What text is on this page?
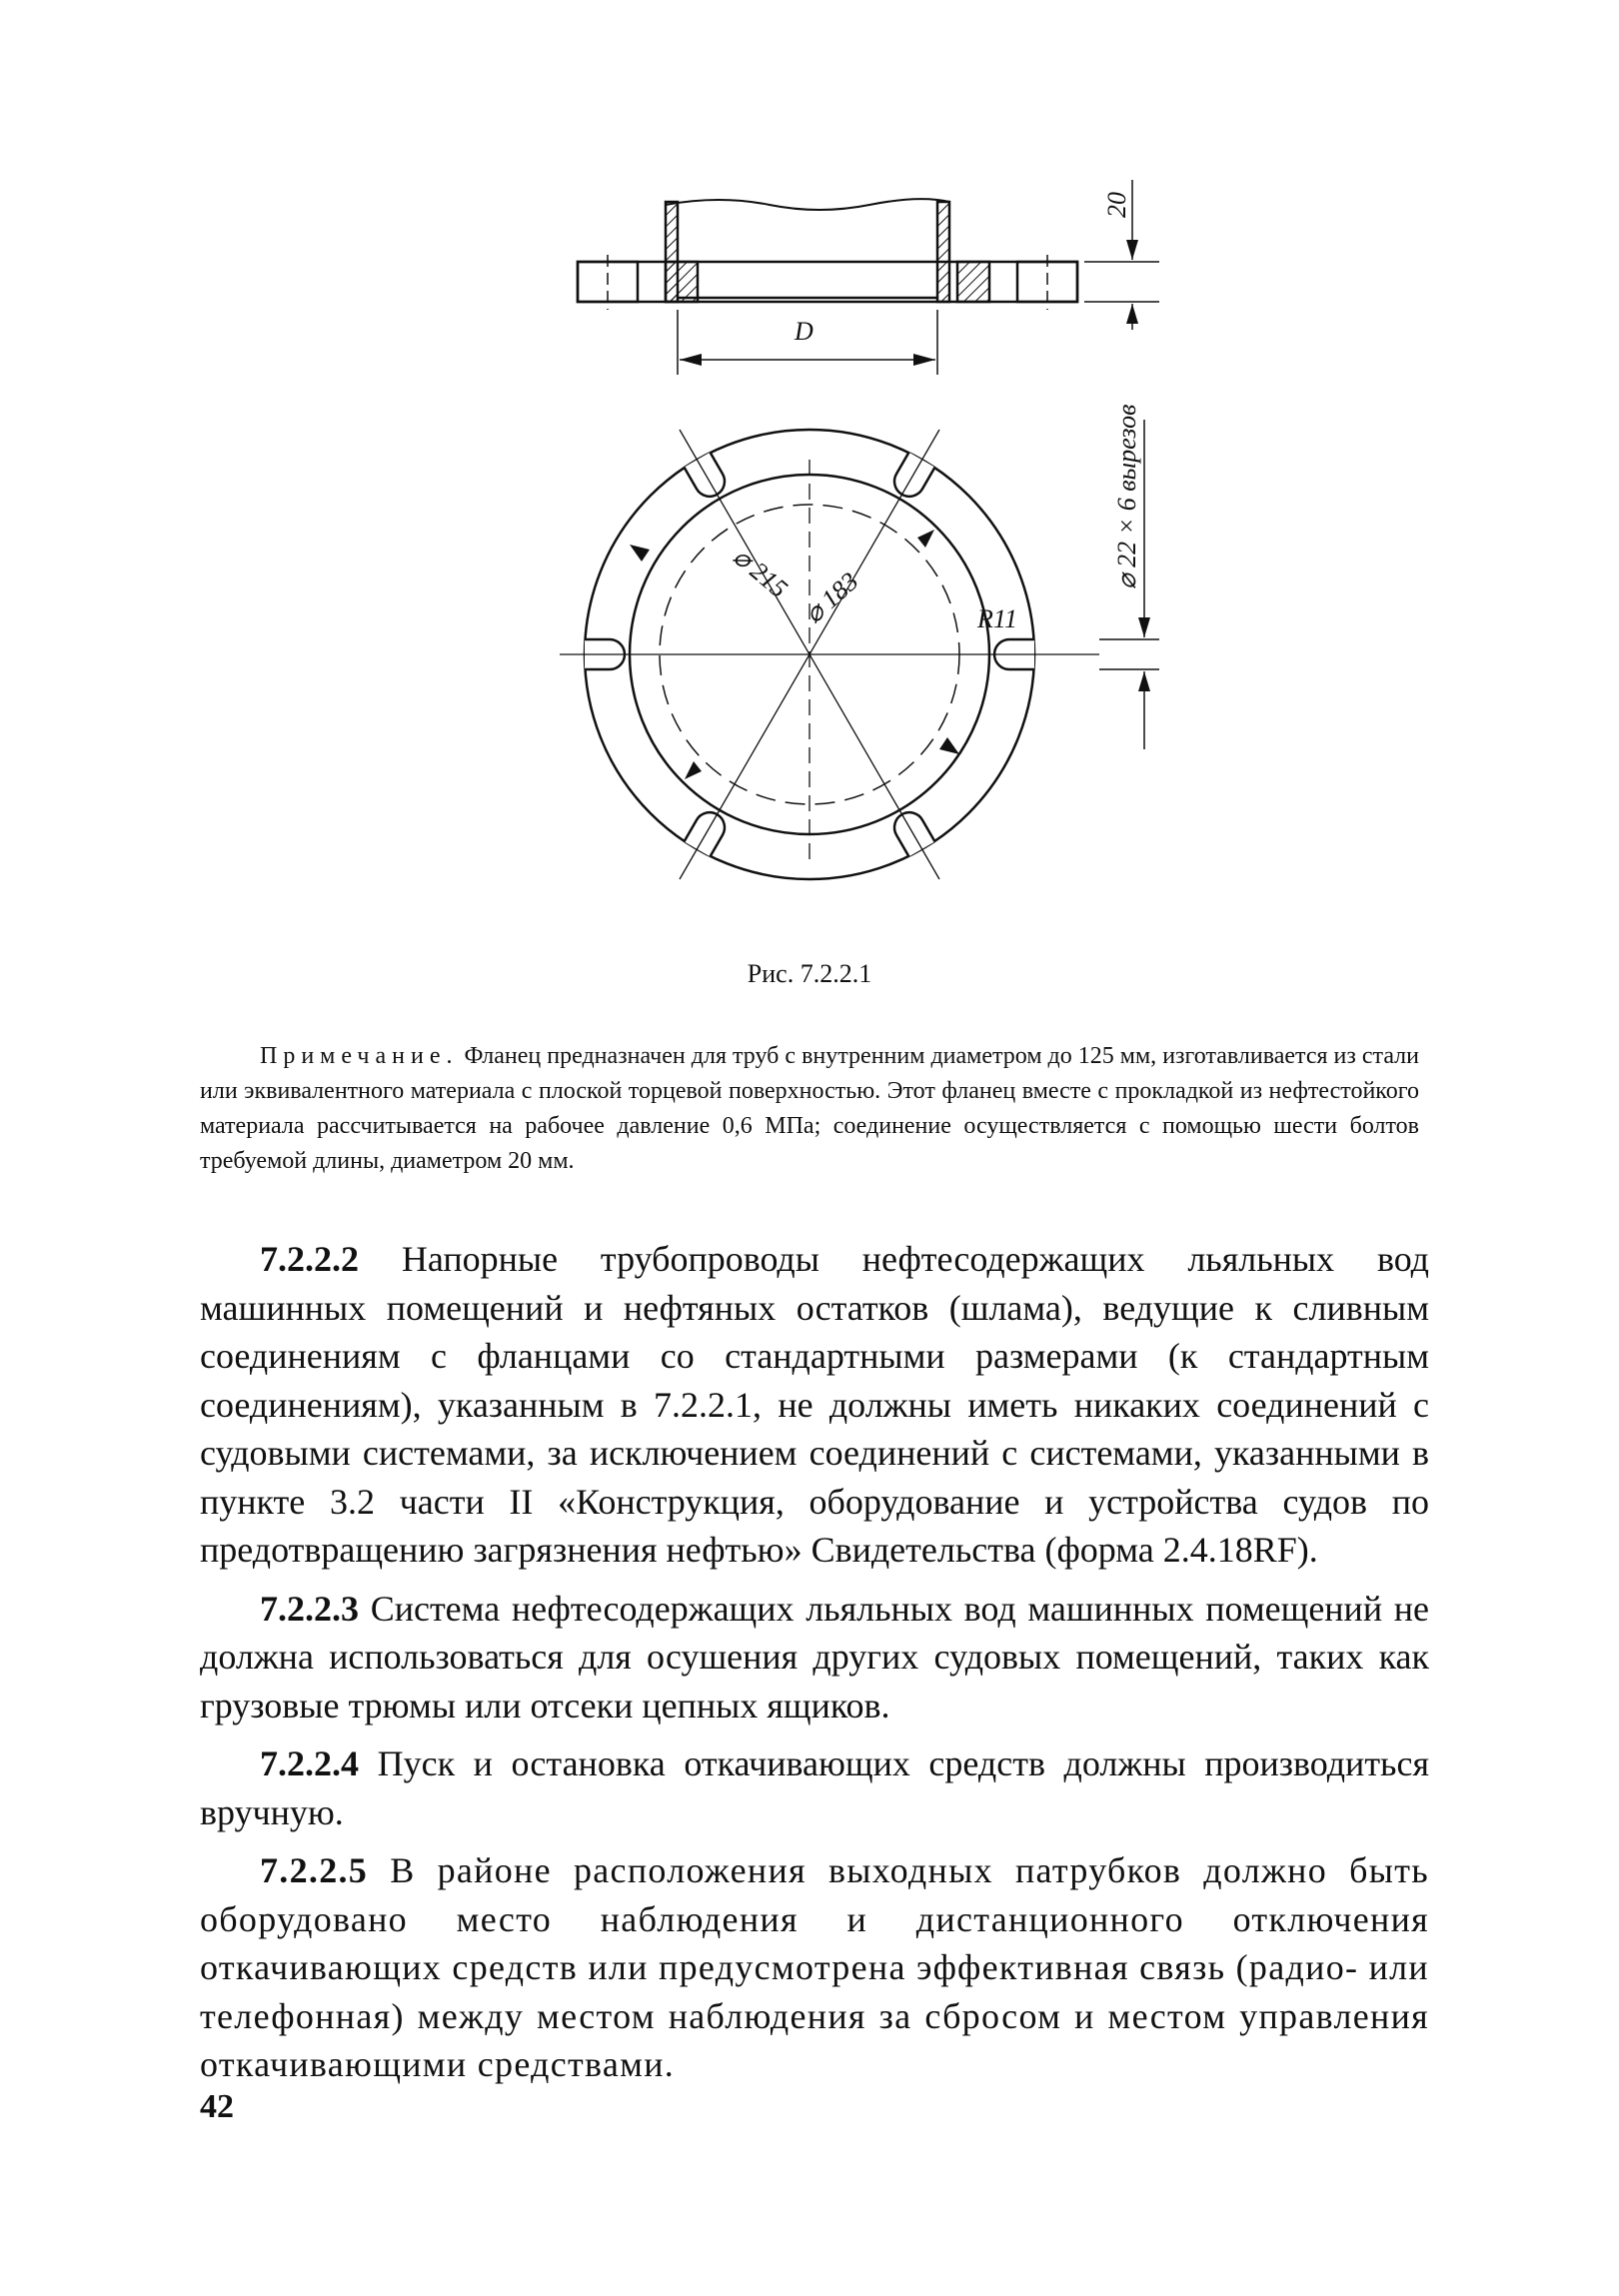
D
20
⌀ 215 ⌀ 183	R11
⌀ 22 × 6 вырезов
Рис. 7.2.2.1
Примечание. Фланец предназначен для труб с внутренним диаметром до 125 мм, изготавливается из стали или эквивалентного материала с плоской торцевой поверхностью. Этот фланец вместе с прокладкой из нефтестойкого материала рассчитывается на рабочее давление 0,6 МПа; соединение осуществляется с помощью шести болтов требуемой длины, диаметром 20 мм.

7.2.2.2 Напорные трубопроводы нефтесодержащих льяльных вод машинных помещений и нефтяных остатков (шлама), ведущие к сливным соединениям с фланцами со стандартными размерами (к стандартным соединениям), указанным в 7.2.2.1, не должны иметь никаких соединений с судовыми системами, за исключением соединений с системами, указанными в пункте 3.2 части II «Конструкция, оборудование и устройства судов по предотвращению загрязнения нефтью» Свидетельства (форма 2.4.18RF).

7.2.2.3 Система нефтесодержащих льяльных вод машинных помещений не должна использоваться для осушения других судовых помещений, таких как грузовые трюмы или отсеки цепных ящиков.

7.2.2.4 Пуск и остановка откачивающих средств должны производиться вручную.

7.2.2.5 В районе расположения выходных патрубков должно быть оборудовано место наблюдения и дистанционного отключения откачивающих средств или предусмотрена эффективная связь (радио- или телефонная) между местом наблюдения за сбросом и местом управления откачивающими средствами.

42
